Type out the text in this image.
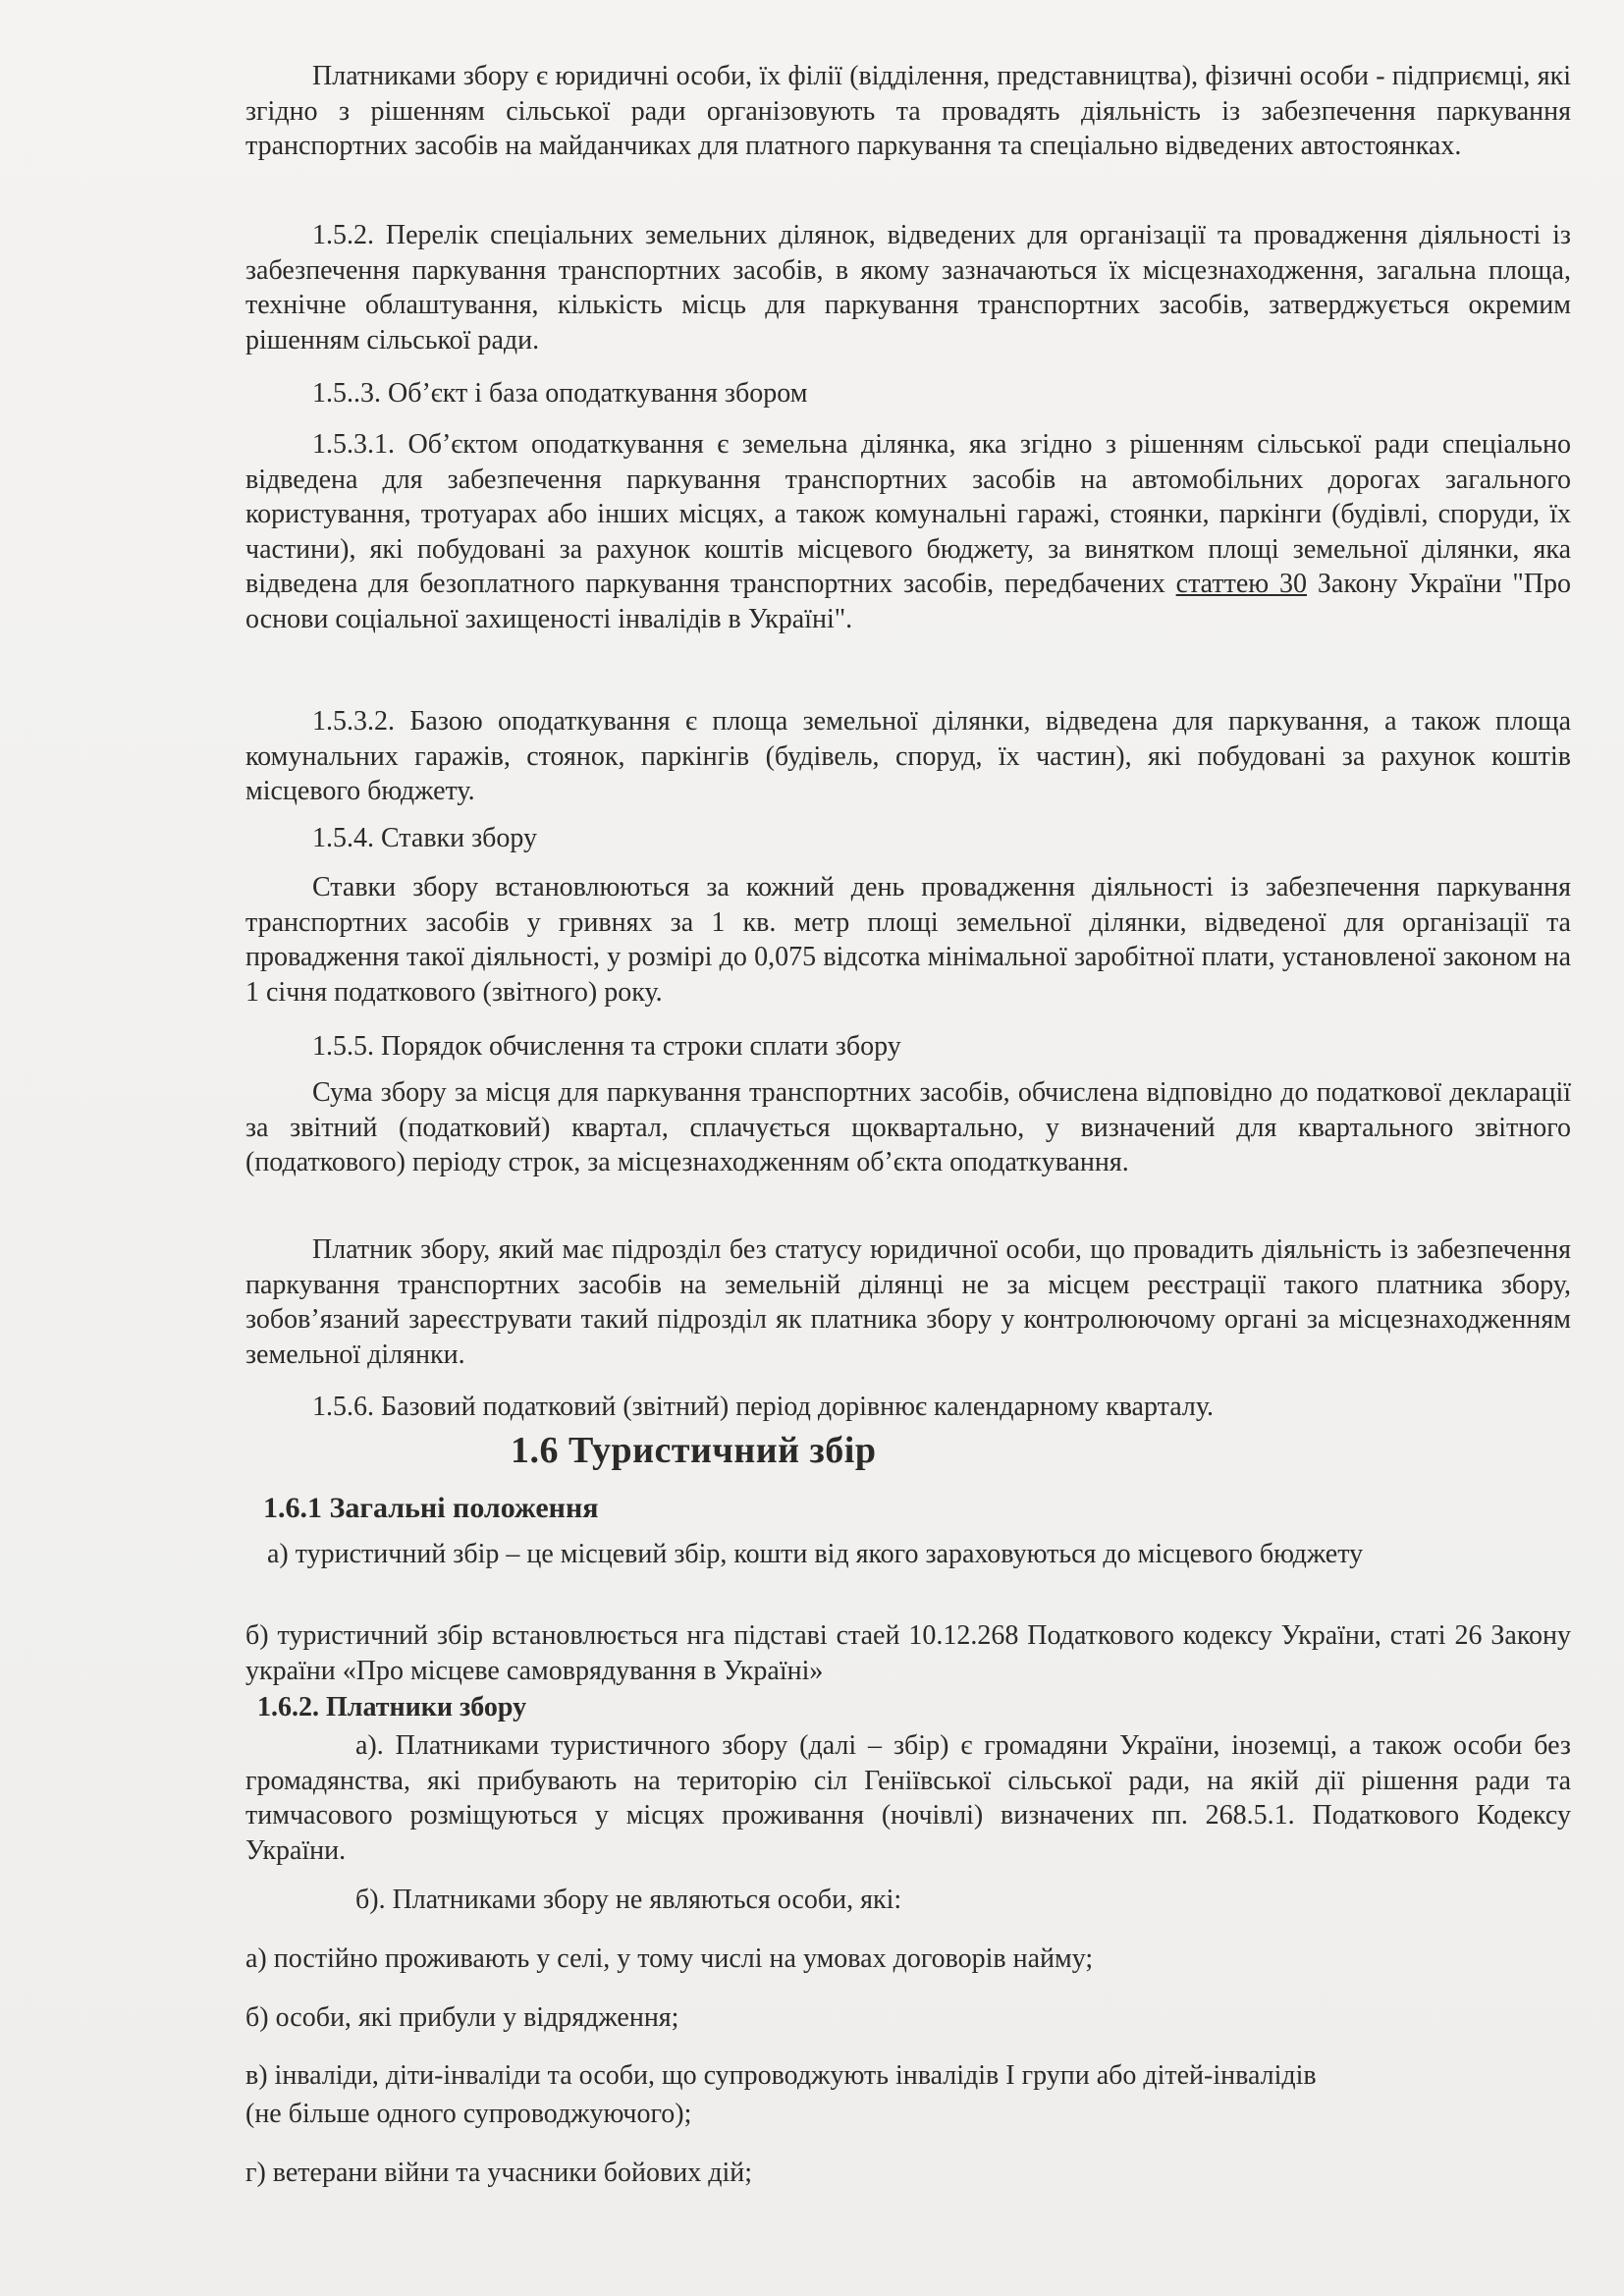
Платниками збору є юридичні особи, їх філії (відділення, представництва), фізичні особи - підприємці, які згідно з рішенням сільської ради організовують та провадять діяльність із забезпечення паркування транспортних засобів на майданчиках для платного паркування та спеціально відведених автостоянках.

1.5.2. Перелік спеціальних земельних ділянок, відведених для організації та провадження діяльності із забезпечення паркування транспортних засобів, в якому зазначаються їх місцезнаходження, загальна площа, технічне облаштування, кількість місць для паркування транспортних засобів, затверджується окремим рішенням сільської ради.

1.5..3. Об’єкт і база оподаткування збором

1.5.3.1. Об’єктом оподаткування є земельна ділянка, яка згідно з рішенням сільської ради спеціально відведена для забезпечення паркування транспортних засобів на автомобільних дорогах загального користування, тротуарах або інших місцях, а також комунальні гаражі, стоянки, паркінги (будівлі, споруди, їх частини), які побудовані за рахунок коштів місцевого бюджету, за винятком площі земельної ділянки, яка відведена для безоплатного паркування транспортних засобів, передбачених статтею 30 Закону України "Про основи соціальної захищеності інвалідів в Україні".

1.5.3.2. Базою оподаткування є площа земельної ділянки, відведена для паркування, а також площа комунальних гаражів, стоянок, паркінгів (будівель, споруд, їх частин), які побудовані за рахунок коштів місцевого бюджету.

1.5.4. Ставки збору

Ставки збору встановлюються за кожний день провадження діяльності із забезпечення паркування транспортних засобів у гривнях за 1 кв. метр площі земельної ділянки, відведеної для організації та провадження такої діяльності, у розмірі до 0,075 відсотка мінімальної заробітної плати, установленої законом на 1 січня податкового (звітного) року.

1.5.5. Порядок обчислення та строки сплати збору

Сума збору за місця для паркування транспортних засобів, обчислена відповідно до податкової декларації за звітний (податковий) квартал, сплачується щоквартально, у визначений для квартального звітного (податкового) періоду строк, за місцезнаходженням об’єкта оподаткування.

Платник збору, який має підрозділ без статусу юридичної особи, що провадить діяльність із забезпечення паркування транспортних засобів на земельній ділянці не за місцем реєстрації такого платника збору, зобов’язаний зареєструвати такий підрозділ як платника збору у контролюючому органі за місцезнаходженням земельної ділянки.

1.5.6. Базовий податковий (звітний) період дорівнює календарному кварталу.

1.6 Туристичний збір
1.6.1 Загальні положення

а) туристичний збір – це місцевий збір, кошти від якого зараховуються до місцевого бюджету

б) туристичний збір встановлюється нга підставі стаей 10.12.268 Податкового кодексу України, статі 26 Закону україни «Про місцеве самоврядування в Україні»

1.6.2. Платники збору

а). Платниками туристичного збору (далі – збір) є громадяни України, іноземці, а також особи без громадянства, які прибувають на територію сіл Геніївської сільської ради, на якій дії рішення ради та тимчасового розміщуються у місцях проживання (ночівлі) визначених пп. 268.5.1. Податкового Кодексу України.

б). Платниками збору не являються особи, які:

а) постійно проживають у селі, у тому числі на умовах договорів найму;

б) особи, які прибули у відрядження;

в) інваліди, діти-інваліди та особи, що супроводжують інвалідів І групи або дітей-інвалідів

(не більше одного супроводжуючого);

г) ветерани війни та учасники бойових дій;
